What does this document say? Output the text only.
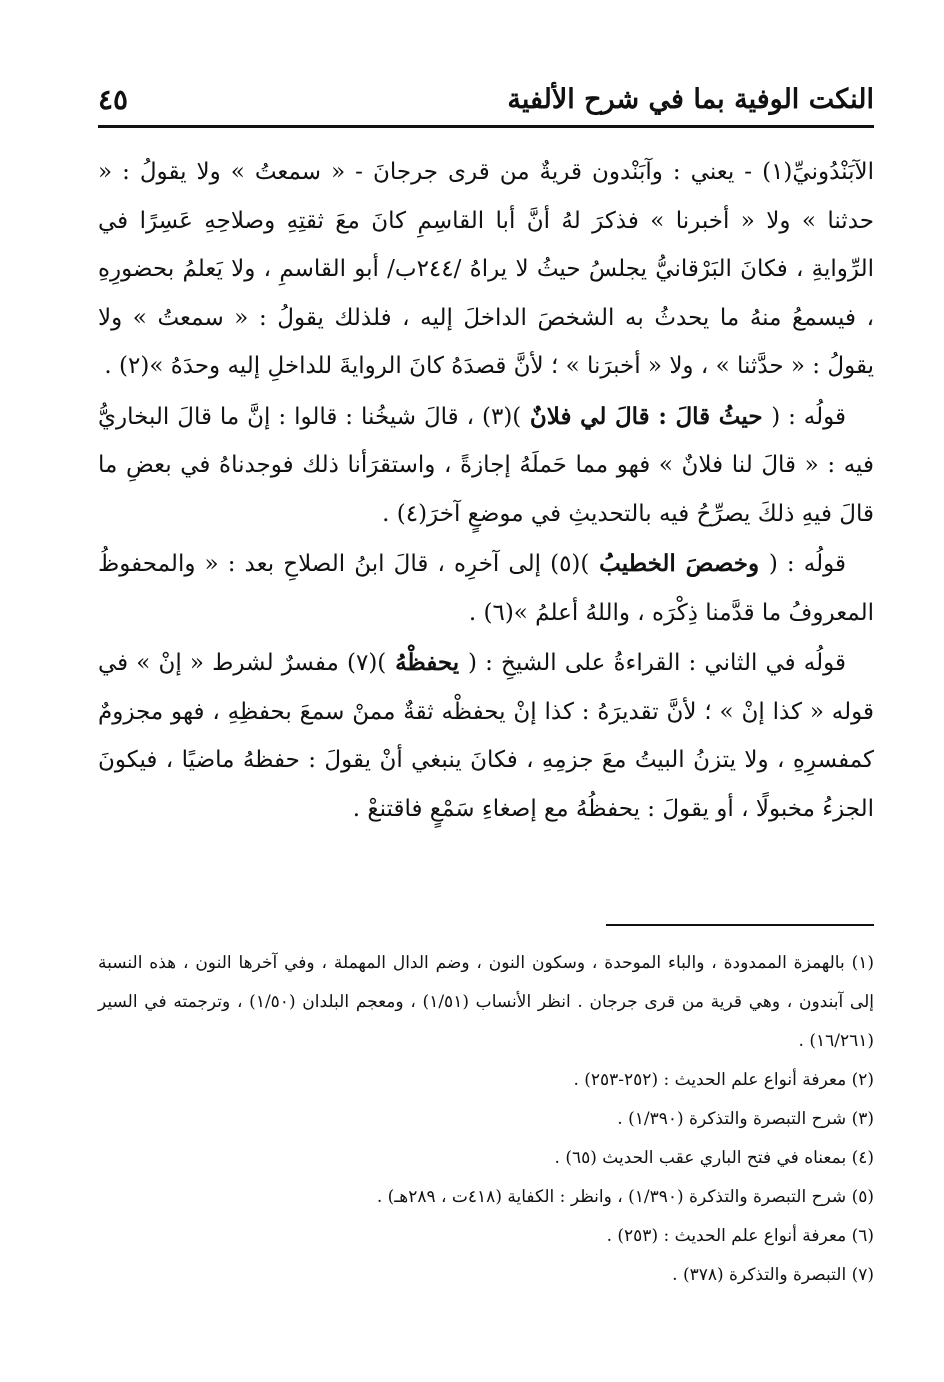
٤٥	النكت الوفية بما في شرح الألفية

الآبَنْدُونيِّ(١) - يعني : وآبَنْدون قريةٌ من قرى جرجانَ - « سمعتُ » ولا يقولُ : « حدثنا » ولا « أخبرنا » فذكرَ لهُ أنَّ أبا القاسِمِ كانَ معَ ثقتِهِ وصلاحِهِ عَسِرًا في الرِّوايةِ ، فكانَ البَرْقانيُّ يجلسُ حيثُ لا يراهُ /٢٤٤ب/ أبو القاسمِ ، ولا يَعلمُ بحضورِهِ ، فيسمعُ منهُ ما يحدثُ به الشخصَ الداخلَ إليه ، فلذلك يقولُ : « سمعتُ » ولا يقولُ : « حدَّثنا » ، ولا « أخبرَنا » ؛ لأنَّ قصدَهُ كانَ الروايةَ للداخلِ إليه وحدَهُ »(٢) .

قولُه : ( حيثُ قالَ : قالَ لي فلانٌ )(٣) ، قالَ شيخُنا : قالوا : إنَّ ما قالَ البخاريُّ فيه : « قالَ لنا فلانٌ » فهو مما حَملَهُ إجازةً ، واستقرَأنا ذلك فوجدناهُ في بعضِ ما قالَ فيهِ ذلكَ يصرِّحُ فيه بالتحديثِ في موضعٍ آخرَ(٤) .

قولُه : ( وخصصَ الخطيبُ )(٥) إلى آخرِه ، قالَ ابنُ الصلاحِ بعد : « والمحفوظُ المعروفُ ما قدَّمنا ذِكْرَه ، واللهُ أعلمُ »(٦) .

قولُه في الثاني : القراءةُ على الشيخِ : ( يحفظْهُ )(٧) مفسرٌ لشرط « إنْ » في قوله « كذا إنْ » ؛ لأنَّ تقديرَهُ : كذا إنْ يحفظْه ثقةٌ ممنْ سمعَ بحفظِهِ ، فهو مجزومٌ كمفسرِهِ ، ولا يتزنُ البيتُ معَ جزمِهِ ، فكانَ ينبغي أنْ يقولَ : حفظهُ ماضيًا ، فيكونَ الجزءُ مخبولًا ، أو يقولَ : يحفظُهُ مع إصغاءِ سَمْعٍ فاقتنعْ .

(١) بالهمزة الممدودة ، والباء الموحدة ، وسكون النون ، وضم الدال المهملة ، وفي آخرها النون ، هذه النسبة إلى آبندون ، وهي قرية من قرى جرجان . انظر الأنساب (١/٥١) ، ومعجم البلدان (١/٥٠) ، وترجمته في السير (١٦/٢٦١) .

(٢) معرفة أنواع علم الحديث : (٢٥٢-٢٥٣) .

(٣) شرح التبصرة والتذكرة (١/٣٩٠) .

(٤) بمعناه في فتح الباري عقب الحديث (٦٥) .

(٥) شرح التبصرة والتذكرة (١/٣٩٠) ، وانظر : الكفاية (٤١٨ت ، ٢٨٩هـ) .

(٦) معرفة أنواع علم الحديث : (٢٥٣) .

(٧) التبصرة والتذكرة (٣٧٨) .
